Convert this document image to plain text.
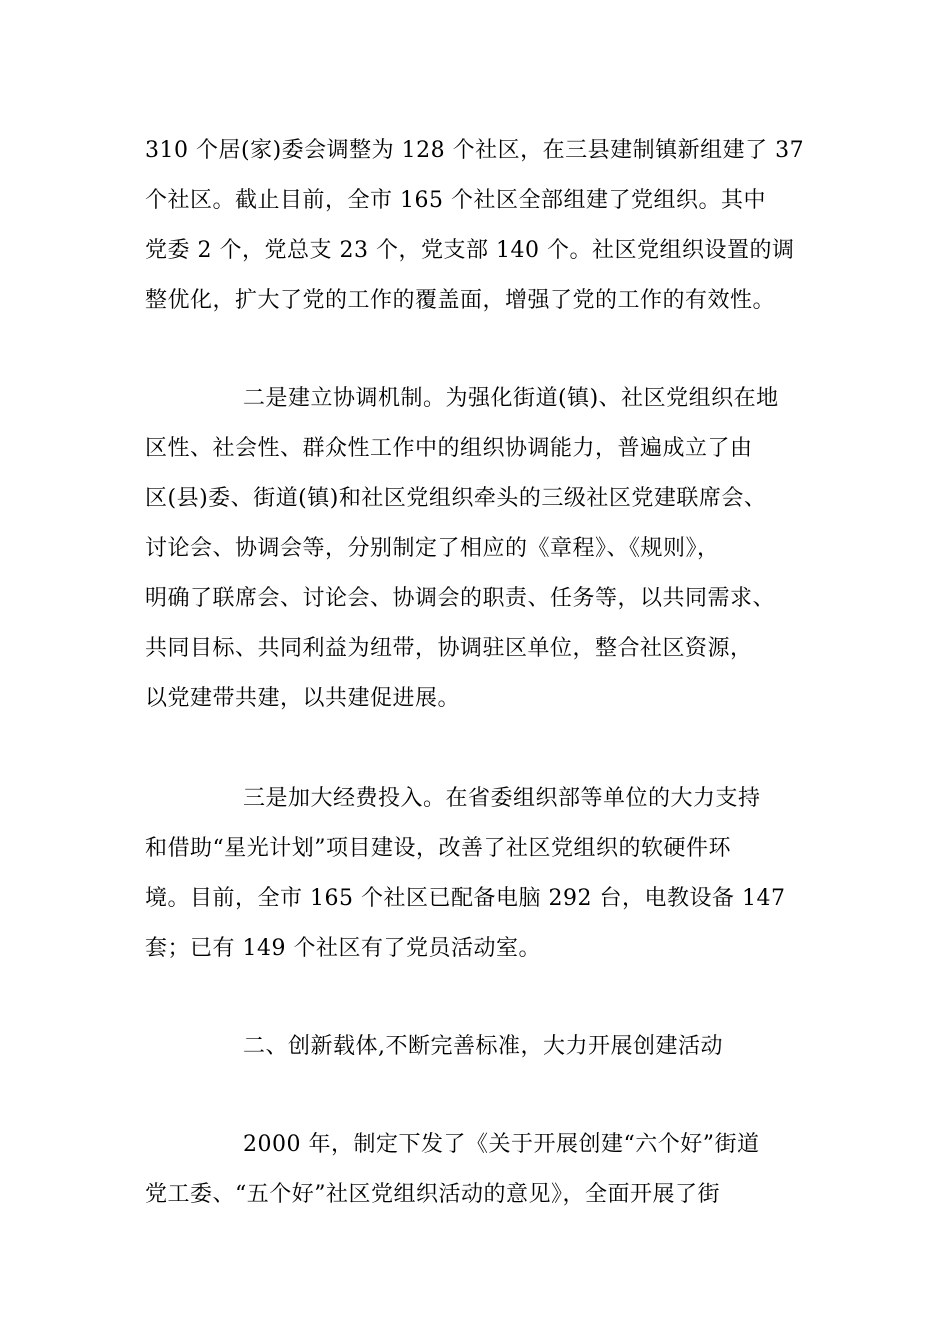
310 个居(家)委会调整为 128 个社区，在三县建制镇新组建了 37
个社区。截止目前，全市 165 个社区全部组建了党组织。其中
党委 2 个，党总支 23 个，党支部 140 个。社区党组织设置的调
整优化，扩大了党的工作的覆盖面，增强了党的工作的有效性。
二是建立协调机制。为强化街道(镇)、社区党组织在地
区性、社会性、群众性工作中的组织协调能力，普遍成立了由
区(县)委、街道(镇)和社区党组织牵头的三级社区党建联席会、
讨论会、协调会等，分别制定了相应的《章程》、《规则》，
明确了联席会、讨论会、协调会的职责、任务等，以共同需求、
共同目标、共同利益为纽带，协调驻区单位，整合社区资源，
以党建带共建，以共建促进展。
三是加大经费投入。在省委组织部等单位的大力支持
和借助“星光计划”项目建设，改善了社区党组织的软硬件环
境。目前，全市 165 个社区已配备电脑 292 台，电教设备 147
套；已有 149 个社区有了党员活动室。
二、创新载体,不断完善标准，大力开展创建活动
2000 年，制定下发了《关于开展创建“六个好”街道
党工委、“五个好”社区党组织活动的意见》，全面开展了街
